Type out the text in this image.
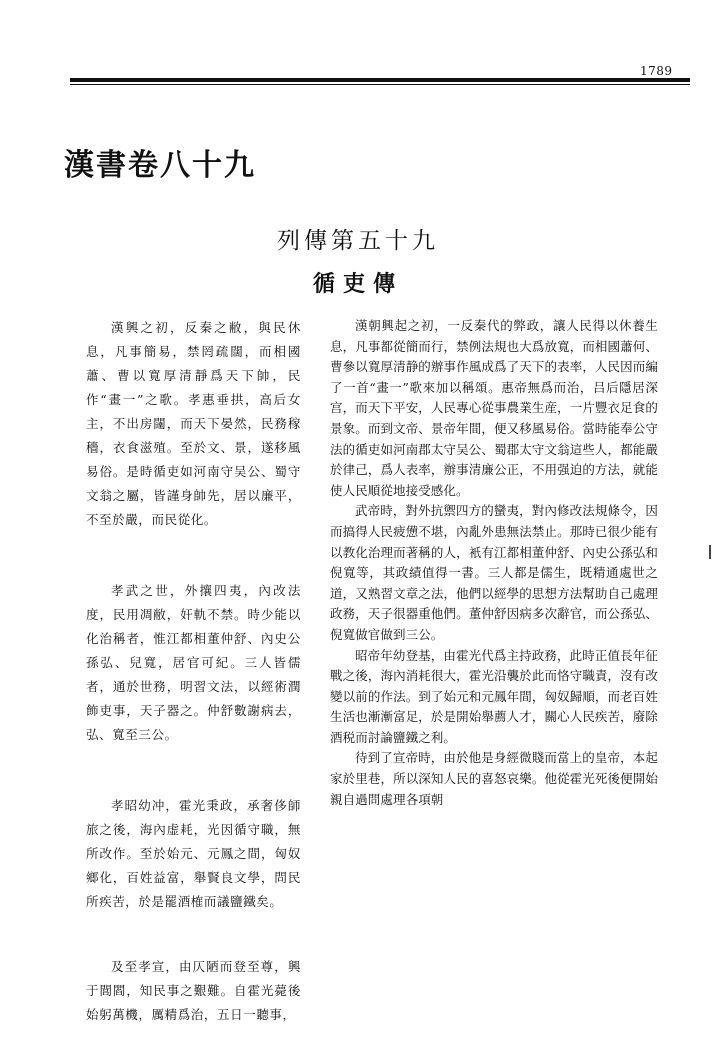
1789
漢書卷八十九
列傳第五十九
循吏傳

漢興之初，反秦之敝，與民休息，凡事簡易，禁罔疏闊，而相國蕭、曹以寬厚清靜爲天下帥，民作“畫一”之歌。孝惠垂拱，高后女主，不出房闥，而天下晏然，民務稼穡，衣食滋殖。至於文、景，遂移風易俗。是時循吏如河南守吴公、蜀守文翁之屬，皆謹身帥先，居以廉平，不至於嚴，而民從化。

孝武之世，外攘四夷，內改法度，民用凋敝，奸軌不禁。時少能以化治稱者，惟江都相董仲舒、內史公孫弘、兒寬，居官可紀。三人皆儒者，通於世務，明習文法，以經術潤飾吏事，天子器之。仲舒數謝病去，弘、寬至三公。

孝昭幼冲，霍光秉政，承奢侈師旅之後，海內虚耗，光因循守職，無所改作。至於始元、元鳳之間，匈奴鄉化，百姓益富，舉賢良文學，問民所疾苦，於是罷酒榷而議鹽鐵矣。

及至孝宣，由仄陋而登至尊，興于閭閻，知民事之艱難。自霍光薨後始躬萬機，厲精爲治，五日一聽事，

漢朝興起之初，一反秦代的弊政，讓人民得以休養生息，凡事都從簡而行，禁例法規也大爲放寬，而相國蕭何、曹參以寬厚清静的辦事作風成爲了天下的表率，人民因而編了一首“畫一”歌來加以稱頌。惠帝無爲而治，吕后隱居深宫，而天下平安，人民專心從事農業生産，一片豐衣足食的景象。而到文帝、景帝年間，便又移風易俗。當時能奉公守法的循吏如河南郡太守吴公、蜀郡太守文翁這些人，都能嚴於律己，爲人表率，辦事清廉公正，不用强迫的方法，就能使人民順從地接受感化。

武帝時，對外抗禦四方的蠻夷，對內修改法規條令，因而搞得人民疲憊不堪，內亂外患無法禁止。那時已很少能有以教化治理而著稱的人，衹有江都相董仲舒、內史公孫弘和倪寬等，其政績值得一書。三人都是儒生，既精通處世之道，又熟習文章之法，他們以經學的思想方法幫助自己處理政務，天子很器重他們。董仲舒因病多次辭官，而公孫弘、倪寬做官做到三公。

昭帝年幼登基，由霍光代爲主持政務，此時正值長年征戰之後，海內消耗很大，霍光沿襲於此而恪守職責，沒有改變以前的作法。到了始元和元鳳年間，匈奴歸順，而老百姓生活也漸漸富足，於是開始舉薦人才，關心人民疾苦，廢除酒税而討論鹽鐵之利。

待到了宣帝時，由於他是身經微賤而當上的皇帝，本起家於里巷，所以深知人民的喜怒哀樂。他從霍光死後便開始親自過問處理各項朝
